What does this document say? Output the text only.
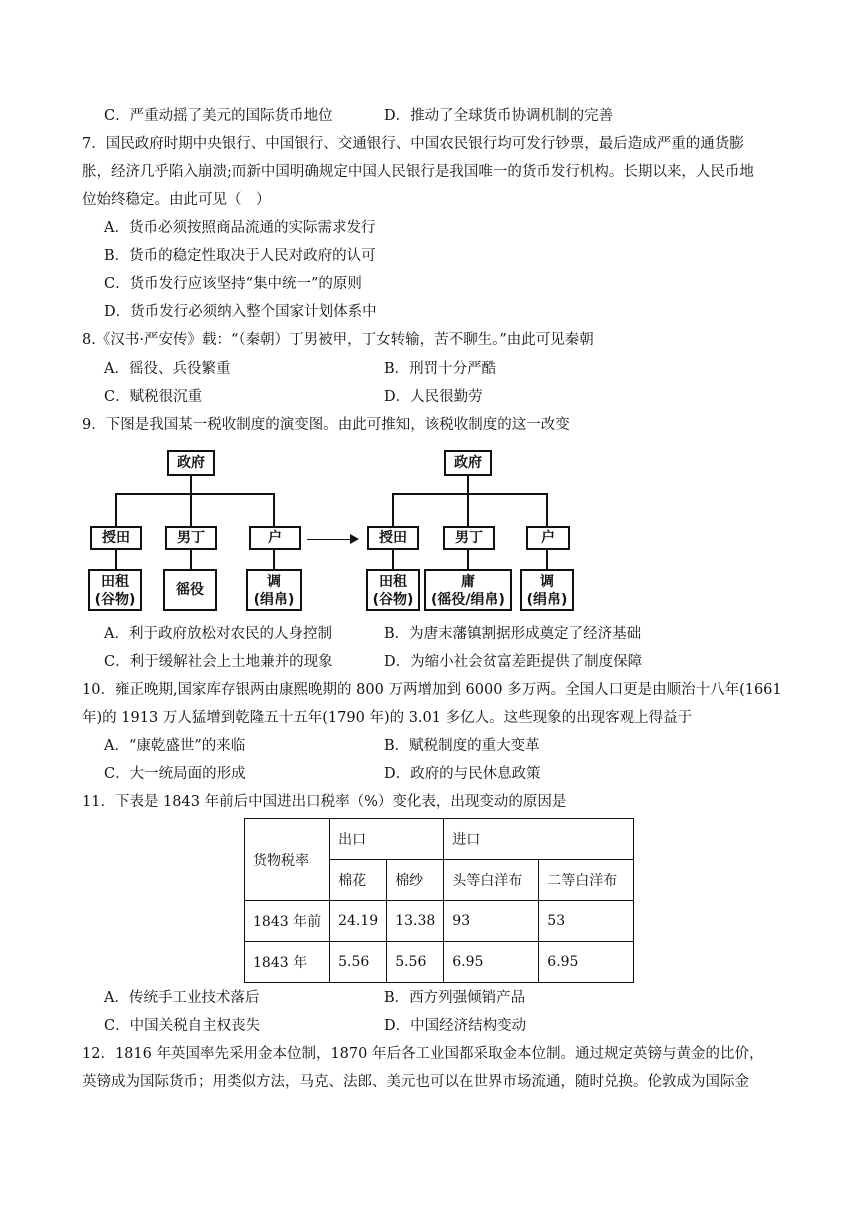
C．严重动摇了美元的国际货币地位	D．推动了全球货币协调机制的完善
7．国民政府时期中央银行、中国银行、交通银行、中国农民银行均可发行钞票，最后造成严重的通货膨
胀，经济几乎陷入崩溃;而新中国明确规定中国人民银行是我国唯一的货币发行机构。长期以来，人民币地
位始终稳定。由此可见（　）
A．货币必须按照商品流通的实际需求发行
B．货币的稳定性取决于人民对政府的认可
C．货币发行应该坚持“集中统一”的原则
D．货币发行必须纳入整个国家计划体系中
8.《汉书·严安传》载：“（秦朝）丁男被甲，丁女转输，苦不聊生。”由此可见秦朝
A．徭役、兵役繁重	B．刑罚十分严酷
C．赋税很沉重	D．人民很勤劳
9．下图是我国某一税收制度的演变图。由此可推知，该税收制度的这一改变
政府
授田	男丁	户
田租
(谷物)
徭役	调
(绢帛)
政府
授田	男丁	户
田租
(谷物)
庸
(徭役/绢帛)
调
(绢帛)
A．利于政府放松对农民的人身控制	B．为唐末藩镇割据形成奠定了经济基础
C．利于缓解社会上土地兼并的现象	D．为缩小社会贫富差距提供了制度保障
10．雍正晚期,国家库存银两由康熙晚期的 800 万两增加到 6000 多万两。全国人口更是由顺治十八年(1661
年)的 1913 万人猛增到乾隆五十五年(1790 年)的 3.01 多亿人。这些现象的出现客观上得益于
A．“康乾盛世”的来临	B．赋税制度的重大变革
C．大一统局面的形成	D．政府的与民休息政策
11．下表是 1843 年前后中国进出口税率（%）变化表，出现变动的原因是
货物税率	出口		进口	
	棉花	棉纱	头等白洋布	二等白洋布
1843 年前	24.19	13.38	93	53
1843 年	5.56	5.56	6.95	6.95
A．传统手工业技术落后	B．西方列强倾销产品
C．中国关税自主权丧失	D．中国经济结构变动
12．1816 年英国率先采用金本位制，1870 年后各工业国都采取金本位制。通过规定英镑与黄金的比价，
英镑成为国际货币；用类似方法，马克、法郎、美元也可以在世界市场流通，随时兑换。伦敦成为国际金
